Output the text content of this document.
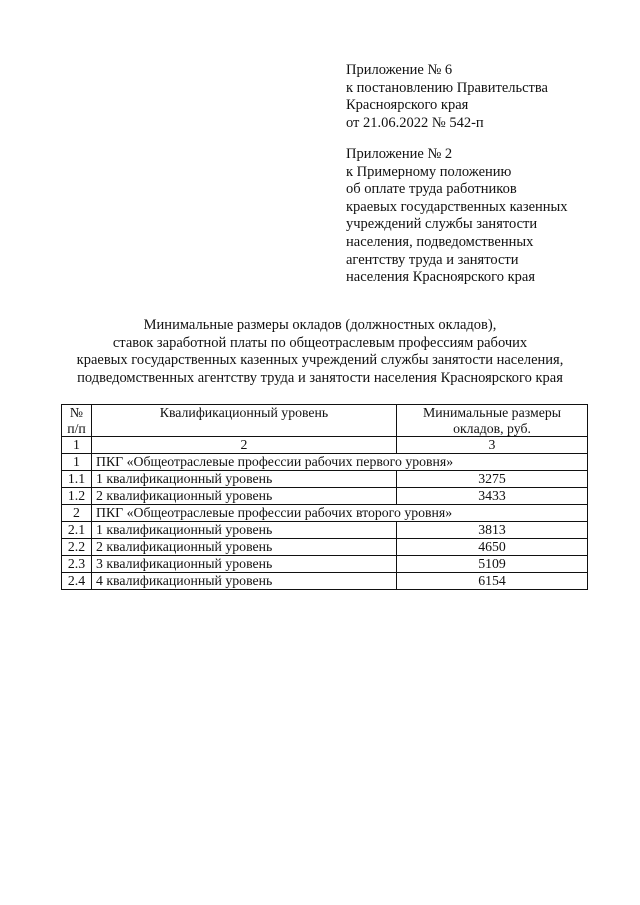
Приложение № 6
к постановлению Правительства
Красноярского края
от 21.06.2022 № 542-п
Приложение № 2
к Примерному положению
об оплате труда работников
краевых государственных казенных
учреждений службы занятости
населения, подведомственных
агентству труда и занятости
населения Красноярского края
Минимальные размеры окладов (должностных окладов),
ставок заработной платы по общеотраслевым профессиям рабочих
краевых государственных казенных учреждений службы занятости населения,
подведомственных агентству труда и занятости населения Красноярского края
№ п/п	Квалификационный уровень	Минимальные размеры окладов, руб.
1	2	3
1	ПКГ «Общеотраслевые профессии рабочих первого уровня»	
1.1	1 квалификационный уровень	3275
1.2	2 квалификационный уровень	3433
2	ПКГ «Общеотраслевые профессии рабочих второго уровня»	
2.1	1 квалификационный уровень	3813
2.2	2 квалификационный уровень	4650
2.3	3 квалификационный уровень	5109
2.4	4 квалификационный уровень	6154
